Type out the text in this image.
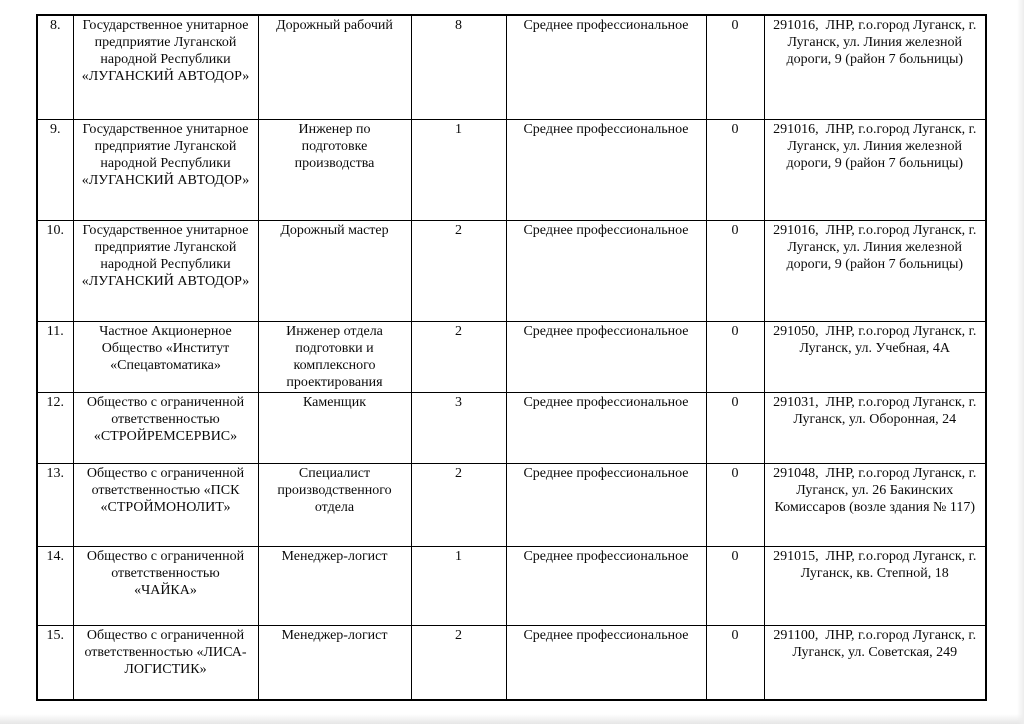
8.	Государственное унитарное предприятие Луганской народной Республики «ЛУГАНСКИЙ АВТОДОР»	Дорожный рабочий	8	Среднее профессиональное	0	291016,  ЛНР, г.о.город Луганск, г. Луганск, ул. Линия железной дороги, 9 (район 7 больницы)
9.	Государственное унитарное предприятие Луганской народной Республики «ЛУГАНСКИЙ АВТОДОР»	Инженер по подготовке производства	1	Среднее профессиональное	0	291016,  ЛНР, г.о.город Луганск, г. Луганск, ул. Линия железной дороги, 9 (район 7 больницы)
10.	Государственное унитарное предприятие Луганской народной Республики «ЛУГАНСКИЙ АВТОДОР»	Дорожный мастер	2	Среднее профессиональное	0	291016,  ЛНР, г.о.город Луганск, г. Луганск, ул. Линия железной дороги, 9 (район 7 больницы)
11.	Частное Акционерное Общество «Институт «Спецавтоматика»	Инженер отдела подготовки и комплексного проектирования	2	Среднее профессиональное	0	291050,  ЛНР, г.о.город Луганск, г. Луганск, ул. Учебная, 4А
12.	Общество с ограниченной ответственностью «СТРОЙРЕМСЕРВИС»	Каменщик	3	Среднее профессиональное	0	291031,  ЛНР, г.о.город Луганск, г. Луганск, ул. Оборонная, 24
13.	Общество с ограниченной ответственностью «ПСК «СТРОЙМОНОЛИТ»	Специалист производственного отдела	2	Среднее профессиональное	0	291048,  ЛНР, г.о.город Луганск, г. Луганск, ул. 26 Бакинских Комиссаров (возле здания № 117)
14.	Общество с ограниченной ответственностью «ЧАЙКА»	Менеджер-логист	1	Среднее профессиональное	0	291015,  ЛНР, г.о.город Луганск, г. Луганск, кв. Степной, 18
15.	Общество с ограниченной ответственностью «ЛИСА-ЛОГИСТИК»	Менеджер-логист	2	Среднее профессиональное	0	291100,  ЛНР, г.о.город Луганск, г. Луганск, ул. Советская, 249
